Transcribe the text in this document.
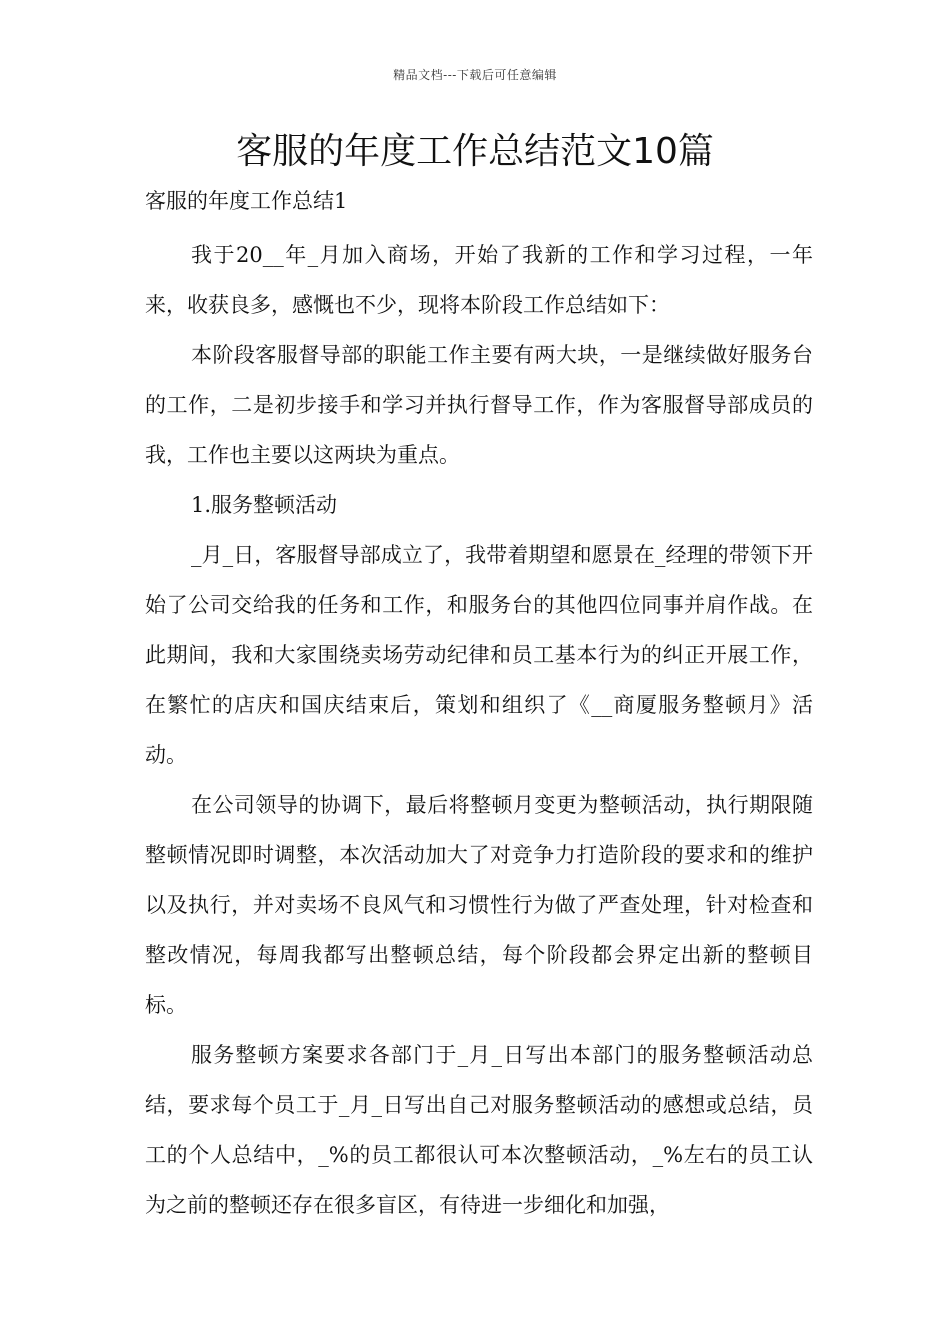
精品文档---下载后可任意编辑
客服的年度工作总结范文10篇
客服的年度工作总结1

我于20__年_月加入商场，开始了我新的工作和学习过程，一年来，收获良多，感慨也不少，现将本阶段工作总结如下：

本阶段客服督导部的职能工作主要有两大块，一是继续做好服务台的工作，二是初步接手和学习并执行督导工作，作为客服督导部成员的我，工作也主要以这两块为重点。

1.服务整顿活动

_月_日，客服督导部成立了，我带着期望和愿景在_经理的带领下开始了公司交给我的任务和工作，和服务台的其他四位同事并肩作战。在此期间，我和大家围绕卖场劳动纪律和员工基本行为的纠正开展工作，在繁忙的店庆和国庆结束后，策划和组织了《__商厦服务整顿月》活动。

在公司领导的协调下，最后将整顿月变更为整顿活动，执行期限随整顿情况即时调整，本次活动加大了对竞争力打造阶段的要求和的维护以及执行，并对卖场不良风气和习惯性行为做了严查处理，针对检查和整改情况，每周我都写出整顿总结，每个阶段都会界定出新的整顿目标。

服务整顿方案要求各部门于_月_日写出本部门的服务整顿活动总结，要求每个员工于_月_日写出自己对服务整顿活动的感想或总结，员工的个人总结中，_%的员工都很认可本次整顿活动，_%左右的员工认为之前的整顿还存在很多盲区，有待进一步细化和加强，
